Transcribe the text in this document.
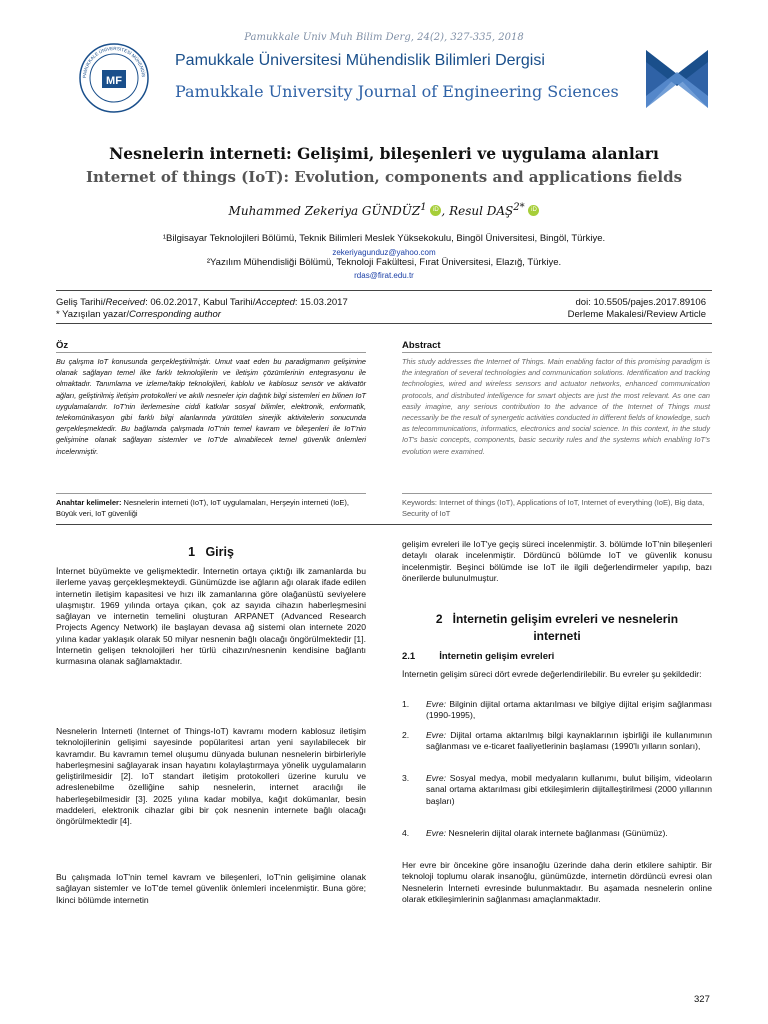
Pamukkale Univ Muh Bilim Derg, 24(2), 327-335, 2018
MF
PAMUKKALE ÜNİVERSİTESİ MÜHENDİS
Pamukkale Üniversitesi Mühendislik Bilimleri Dergisi
Pamukkale University Journal of Engineering Sciences
Nesnelerin interneti: Gelişimi, bileşenleri ve uygulama alanları
Internet of things (IoT): Evolution, components and applications fields
Muhammed Zekeriya GÜNDÜZ$^1$ iD , Resul $DAŞ^{2*}$ iD
¹Bilgisayar Teknolojileri Bölümü, Teknik Bilimleri Meslek Yüksekokulu, Bingöl Üniversitesi, Bingöl, Türkiye.
zekeriyagunduz@yahoo.com
²Yazılım Mühendisliği Bölümü, Teknoloji Fakültesi, Fırat Üniversitesi, Elazığ, Türkiye.
rdas@firat.edu.tr
Geliş Tarihi/Received: 06.02.2017, Kabul Tarihi/Accepted: 15.03.2017	doi: 10.5505/pajes.2017.89106
* Yazışılan yazar/Corresponding author	Derleme Makalesi/Review Article
Öz
Bu çalışma IoT konusunda gerçekleştirilmiştir. Umut vaat eden bu paradigmanın gelişimine olanak sağlayan temel ilke farklı teknolojilerin ve iletişim çözümlerinin entegrasyonu ile olmaktadır. Tanımlama ve izleme/takip teknolojileri, kablolu ve kablosuz sensör ve aktivatör ağları, geliştirilmiş iletişim protokolleri ve akıllı nesneler için dağıtık bilgi sistemleri en bilinen IoT uygulamalarıdır. IoT'nin ilerlemesine ciddi katkılar sosyal bilimler, elektronik, enformatik, telekomünikasyon gibi farklı bilgi alanlarında yürütülen sinerjik aktivitelerin sonucunda gerçekleşmektedir. Bu bağlamda çalışmada IoT'nin temel kavram ve bileşenleri ile IoT'nin gelişimine olanak sağlayan sistemler ve IoT'de alınabilecek temel güvenlik önlemleri incelenmiştir.
Anahtar kelimeler: Nesnelerin interneti (IoT), IoT uygulamaları, Herşeyin interneti (IoE), Büyük veri, IoT güvenliği
Abstract
This study addresses the Internet of Things. Main enabling factor of this promising paradigm is the integration of several technologies and communication solutions. Identification and tracking technologies, wired and wireless sensors and actuator networks, enhanced communication protocols, and distributed intelligence for smart objects are just the most relevant. As one can easily imagine, any serious contribution to the advance of the Internet of Things must necessarily be the result of synergetic activities conducted in different fields of knowledge, such as telecommunications, informatics, electronics and social science. In this context, in the study IoT's basic concepts, components, basic security rules and the systems which enabling IoT's evolution were examined.
Keywords: Internet of things (IoT), Applications of IoT, Internet of everything (IoE), Big data, Security of IoT
1 Giriş
İnternet büyümekte ve gelişmektedir. İnternetin ortaya çıktığı ilk zamanlarda bu ilerleme yavaş gerçekleşmekteydi. Günümüzde ise ağların ağı olarak ifade edilen internetin iletişim kapasitesi ve hızı ilk zamanlarına göre olağanüstü seviyelere ulaşmıştır. 1969 yılında ortaya çıkan, çok az sayıda cihazın haberleşmesini sağlayan ve internetin temelini oluşturan ARPANET (Advanced Research Projects Agency Network) ile başlayan devasa ağ sistemi olan internete 2020 yılına kadar yaklaşık olarak 50 milyar nesnenin bağlı olacağı öngörülmektedir [1]. İnternetin gelişen teknolojileri her türlü cihazın/nesnenin kendisine bağlantı kurmasına olanak sağlamaktadır.
Nesnelerin İnterneti (Internet of Things-IoT) kavramı modern kablosuz iletişim teknolojilerinin gelişimi sayesinde popülaritesi artan yeni sayılabilecek bir kavramdır. Bu kavramın temel oluşumu dünyada bulunan nesnelerin birbirleriyle haberleşmesini sağlayarak insan hayatını kolaylaştırmaya yönelik uygulamaların geliştirilmesidir [2]. IoT standart iletişim protokolleri üzerine kurulu ve adreslenebilme özelliğine sahip nesnelerin, internet aracılığı ile haberleşebilmesidir [3]. 2025 yılına kadar mobilya, kağıt dokümanlar, besin maddeleri, elektronik cihazlar gibi bir çok nesnenin internete bağlı olacağı öngörülmektedir [4].
Bu çalışmada IoT'nin temel kavram ve bileşenleri, IoT'nin gelişimine olanak sağlayan sistemler ve IoT'de temel güvenlik önlemleri incelenmiştir. Buna göre; İkinci bölümde internetin
gelişim evreleri ile IoT'ye geçiş süreci incelenmiştir. 3. bölümde IoT'nin bileşenleri detaylı olarak incelenmiştir. Dördüncü bölümde IoT ve güvenlik konusu incelenmiştir. Beşinci bölümde ise IoT ile ilgili değerlendirmeler yapılıp, bazı önerilerde bulunulmuştur.
2 İnternetin gelişim evreleri ve nesnelerin
interneti
2.1	İnternetin gelişim evreleri
İnternetin gelişim süreci dört evrede değerlendirilebilir. Bu evreler şu şekildedir:
1. Evre: Bilginin dijital ortama aktarılması ve bilgiye dijital erişim sağlanması (1990-1995),
2. Evre: Dijital ortama aktarılmış bilgi kaynaklarının işbirliği ile kullanımının sağlanması ve e-ticaret faaliyetlerinin başlaması (1990'lı yılların sonları),
3. Evre: Sosyal medya, mobil medyaların kullanımı, bulut bilişim, videoların sanal ortama aktarılması gibi etkileşimlerin dijitalleştirilmesi (2000 yıllarının başları)
4. Evre: Nesnelerin dijital olarak internete bağlanması (Günümüz).
Her evre bir öncekine göre insanoğlu üzerinde daha derin etkilere sahiptir. Bir teknoloji toplumu olarak insanoğlu, günümüzde, internetin dördüncü evresi olan Nesnelerin İnterneti evresinde bulunmaktadır. Bu aşamada nesnelerin online olarak etkileşimlerinin sağlanması amaçlanmaktadır.
327
